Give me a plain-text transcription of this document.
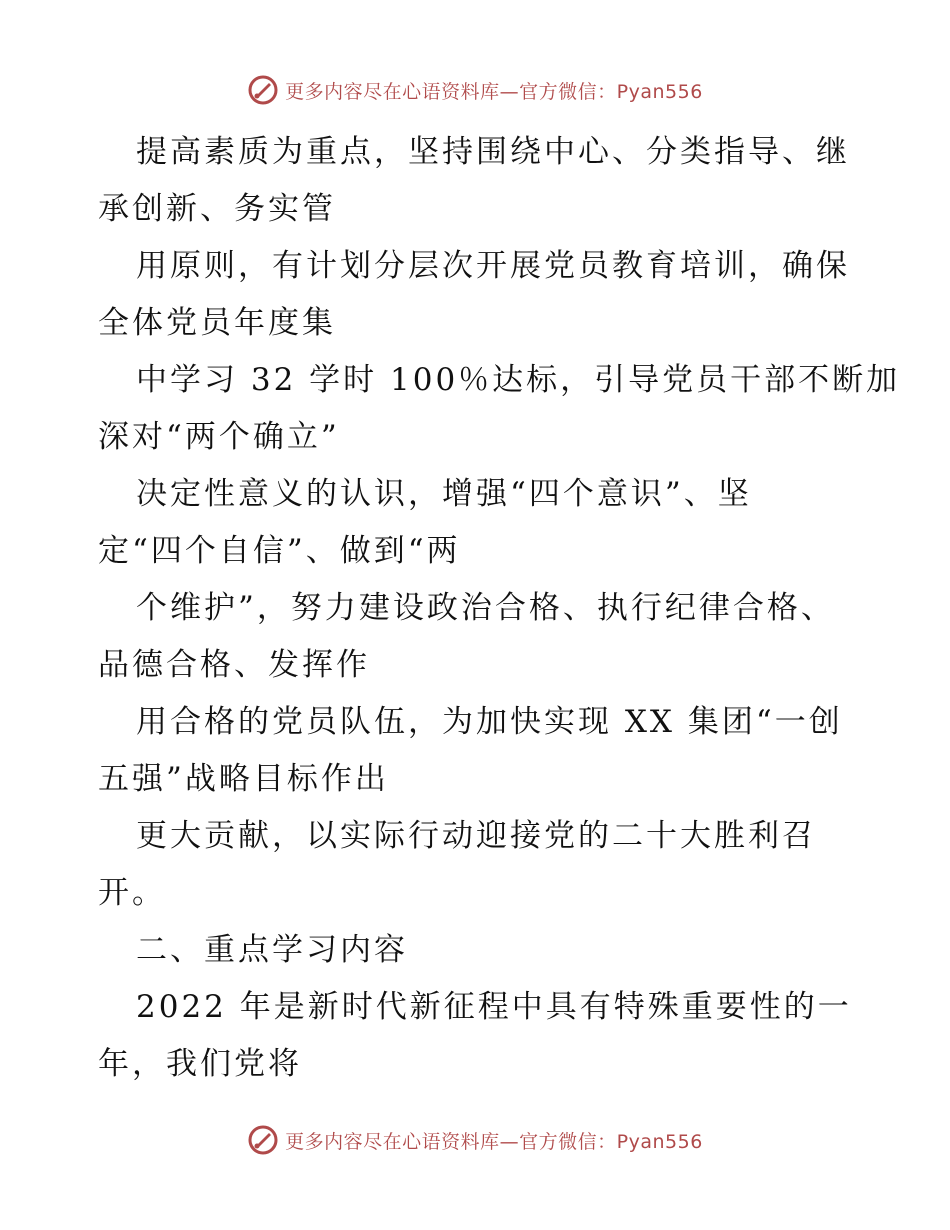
更多内容尽在心语资料库—官方微信：Pyan556

提高素质为重点，坚持围绕中心、分类指导、继
承创新、务实管

用原则，有计划分层次开展党员教育培训，确保
全体党员年度集

中学习 32 学时 100％达标，引导党员干部不断加
深对“两个确立”

决定性意义的认识，增强“四个意识”、坚
定“四个自信”、做到“两

个维护”，努力建设政治合格、执行纪律合格、
品德合格、发挥作

用合格的党员队伍，为加快实现 XX 集团“一创
五强”战略目标作出

更大贡献，以实际行动迎接党的二十大胜利召
开。

二、重点学习内容

2022 年是新时代新征程中具有特殊重要性的一
年，我们党将

更多内容尽在心语资料库—官方微信：Pyan556
